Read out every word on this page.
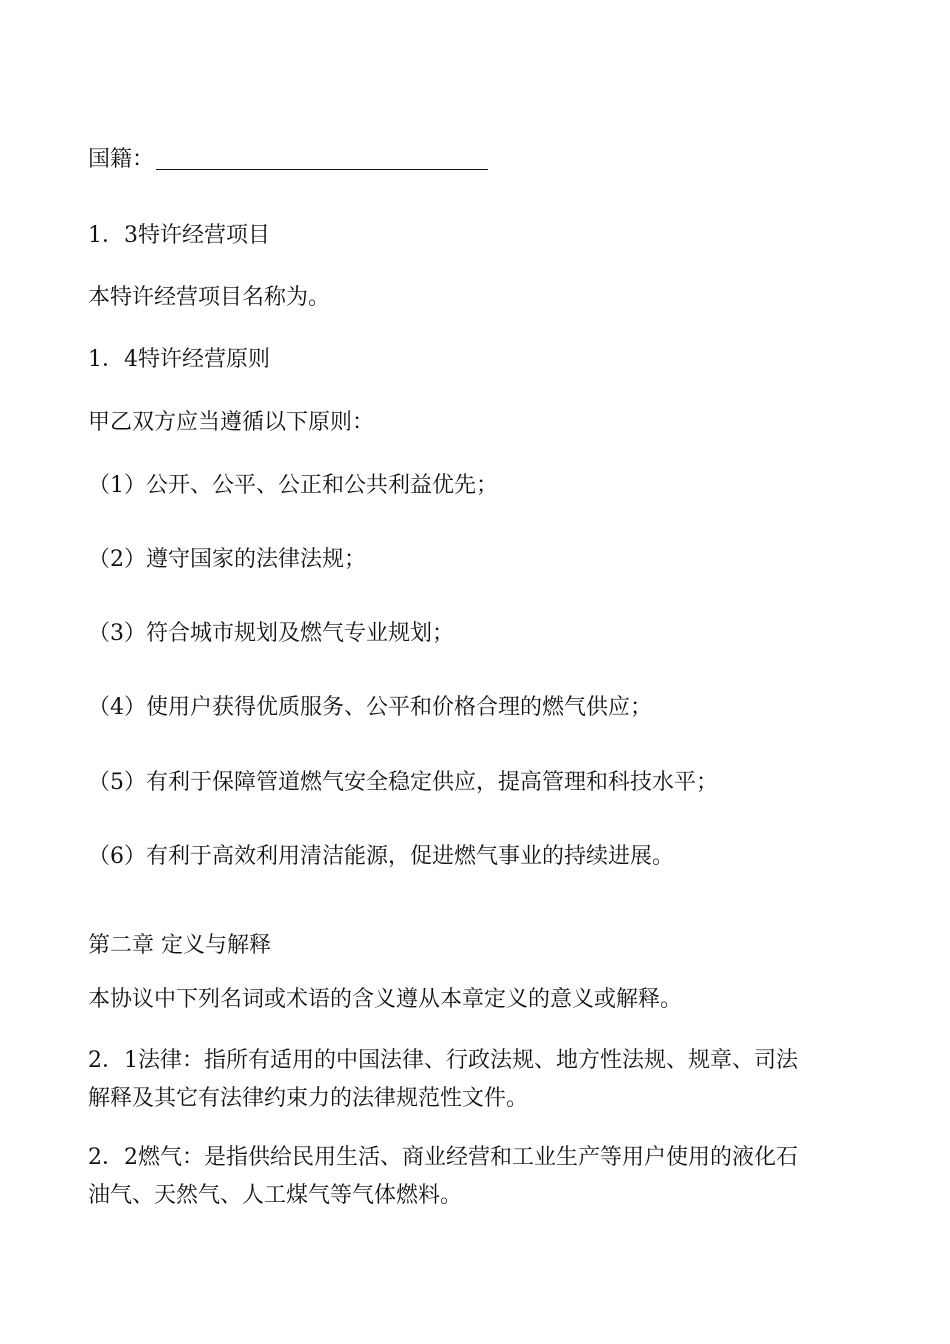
国籍：

1．3特许经营项目

本特许经营项目名称为。

1．4特许经营原则

甲乙双方应当遵循以下原则：

（1）公开、公平、公正和公共利益优先；

（2）遵守国家的法律法规；

（3）符合城市规划及燃气专业规划；

（4）使用户获得优质服务、公平和价格合理的燃气供应；

（5）有利于保障管道燃气安全稳定供应，提高管理和科技水平；

（6）有利于高效利用清洁能源，促进燃气事业的持续进展。

第二章 定义与解释

本协议中下列名词或术语的含义遵从本章定义的意义或解释。

2．1法律：指所有适用的中国法律、行政法规、地方性法规、规章、司法
解释及其它有法律约束力的法律规范性文件。
2．2燃气：是指供给民用生活、商业经营和工业生产等用户使用的液化石
油气、天然气、人工煤气等气体燃料。
